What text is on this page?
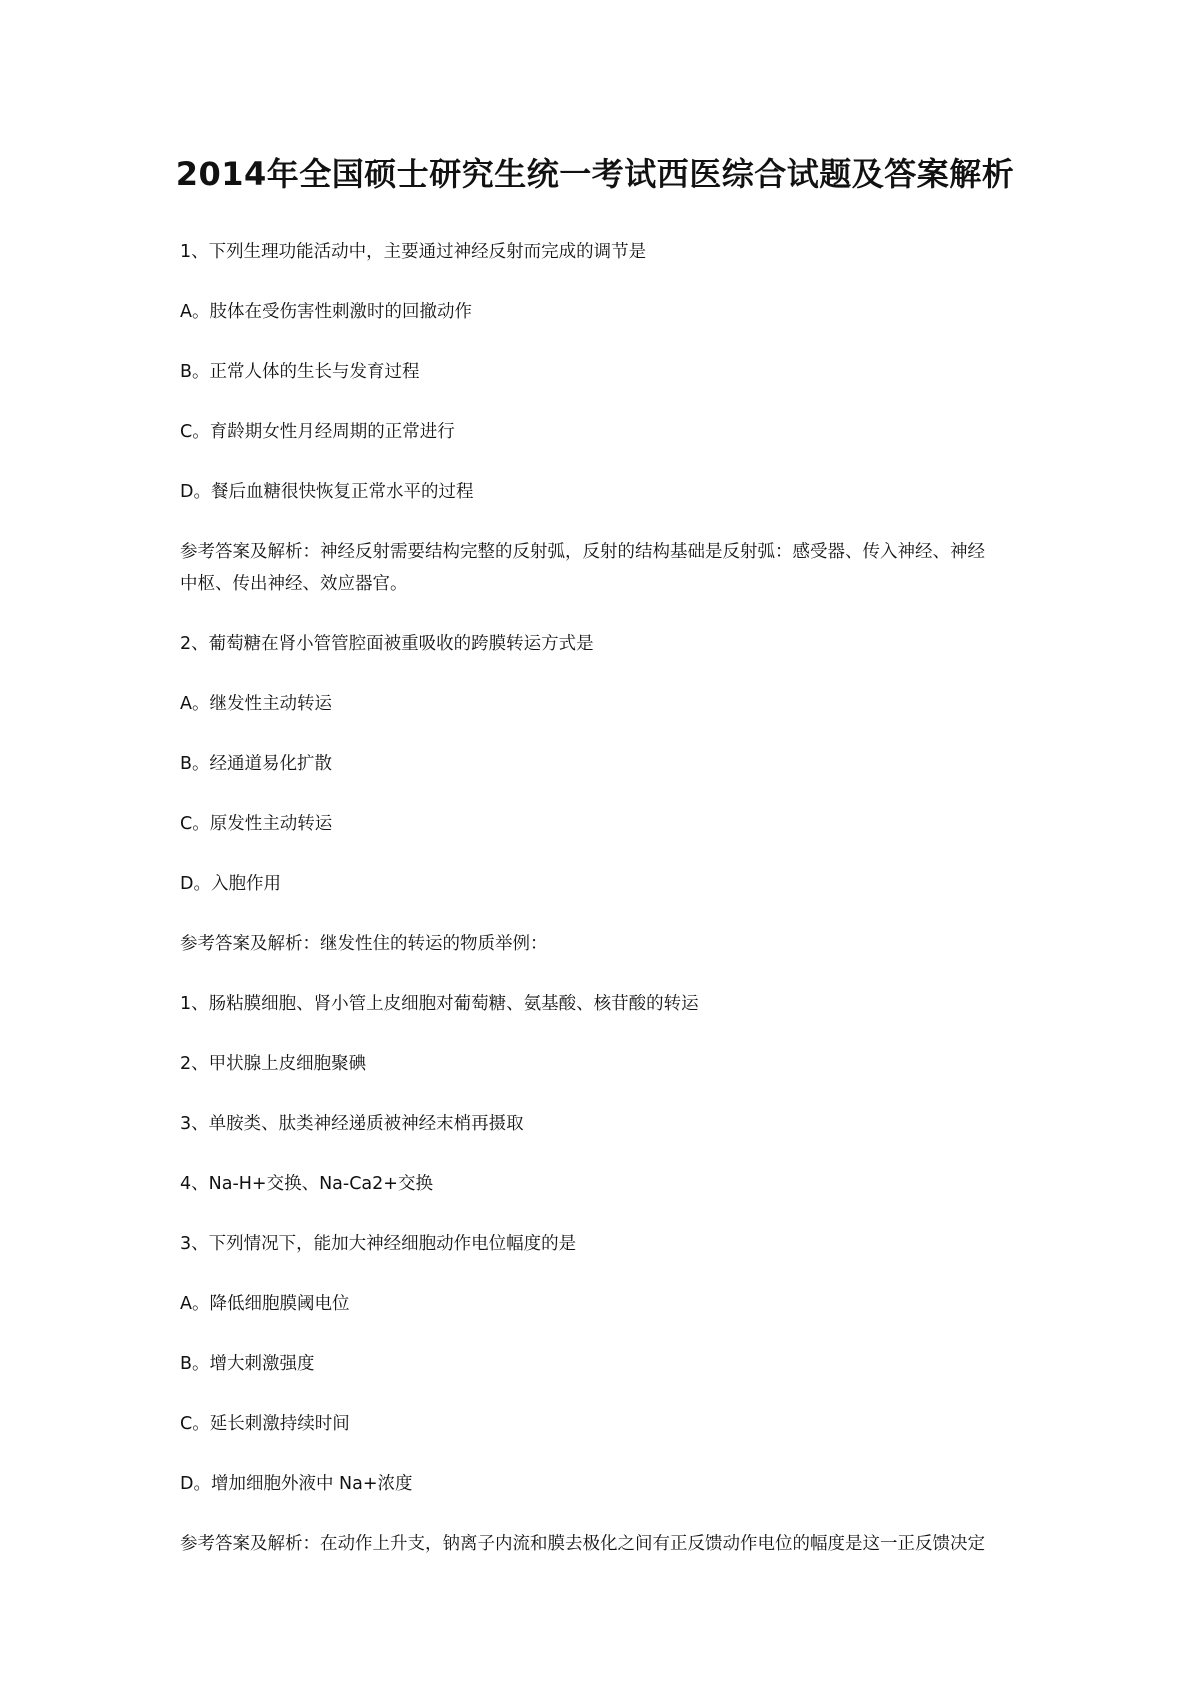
2014年全国硕士研究生统一考试西医综合试题及答案解析
1、下列生理功能活动中，主要通过神经反射而完成的调节是
A。肢体在受伤害性刺激时的回撤动作
B。正常人体的生长与发育过程
C。育龄期女性月经周期的正常进行
D。餐后血糖很快恢复正常水平的过程
参考答案及解析：神经反射需要结构完整的反射弧，反射的结构基础是反射弧：感受器、传入神经、神经
中枢、传出神经、效应器官。
2、葡萄糖在肾小管管腔面被重吸收的跨膜转运方式是
A。继发性主动转运
B。经通道易化扩散
C。原发性主动转运
D。入胞作用
参考答案及解析：继发性住的转运的物质举例：
1、肠粘膜细胞、肾小管上皮细胞对葡萄糖、氨基酸、核苷酸的转运
2、甲状腺上皮细胞聚碘
3、单胺类、肽类神经递质被神经末梢再摄取
4、Na-H+交换、Na-Ca2+交换
3、下列情况下，能加大神经细胞动作电位幅度的是
A。降低细胞膜阈电位
B。增大刺激强度
C。延长刺激持续时间
D。增加细胞外液中 Na+浓度
参考答案及解析：在动作上升支，钠离子内流和膜去极化之间有正反馈动作电位的幅度是这一正反馈决定
